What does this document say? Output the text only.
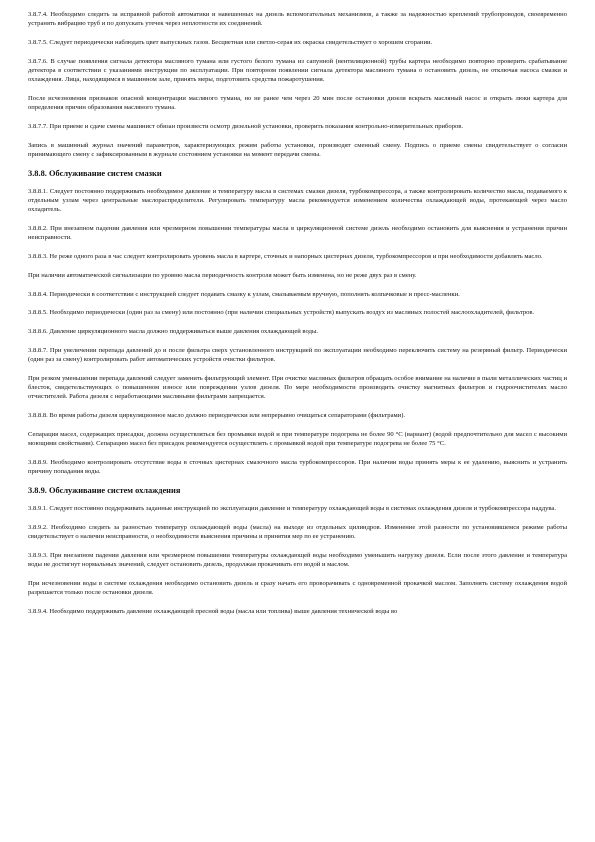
3.8.7.4. Необходимо следить за исправной работой автоматики и навешенных на дизель вспомогательных механизмов, а также за надежностью креплений трубопроводов, своевременно устранять вибрацию труб и по допускать утечек через неплотности их соединений.

3.8.7.5. Следует периодически наблюдать цвет выпускных газов. Бесцветная или светло-серая их окраска свидетельствует о хорошем сгорании.

3.8.7.6. В случае появления сигнала детектора масляного тумана или густого белого тумана из сапунной (вентиляционной) трубы картера необходимо повторно проверить срабатывание детектора в соответствии с указаниями инструкции по эксплуатации. При повторном появлении сигнала детектора масляного тумана о остановить дизель, не отключая насоса смазки и охлаждения. Лица, находящимся в машинном зале, принять меры, подготовить средства пожаротушения.

После исчезновения признаков опасной концентрации масляного тумана, но не ранее чем через 20 мин после остановки дизеля вскрыть масляный насос и открыть люки картера для определения причин образования масляного тумана.

3.8.7.7. При приеме и сдаче смены машинист обязан произвести осмотр дизельной установки, проверить показания контрольно-измерительных приборов.

Запись в машинный журнал значений параметров, характеризующих режим работы установки, производят сменный смену. Подпись о приеме смены свидетельствует о согласии принимающего смену с зафиксированным в журнале состоянием установки на момент передачи смены.

3.8.8. Обслуживание систем смазки

3.8.8.1. Следует постоянно поддерживать необходимое давление и температуру масла в системах смазки дизеля, турбокомпрессора, а также контролировать количество масла, подаваемого к отдельным узлам через центральные маслораспределители. Регулировать температуру масла рекомендуется изменением количества охлаждающей воды, протекающей через масло охладитель.

3.8.8.2. При внезапном падении давления или чрезмерном повышении температуры масла в циркуляционной системе дизель необходимо остановить для выяснения и устранения причин неисправности.

3.8.8.3. Не реже одного раза в час следует контролировать уровень масла в картере, сточных и напорных цистернах дизеля, турбокомпрессоров и при необходимости добавлять масло.

При наличии автоматической сигнализации по уровню масла периодичность контроля может быть изменена, но не реже двух раз в смену.

3.8.8.4. Периодически в соответствии с инструкцией следует подавать смазку к узлам, смазываемым вручную, пополнять колпачковые и пресс-масленки.

3.8.8.5. Необходимо периодически (один раз за смену) или постоянно (при наличии специальных устройств) выпускать воздух из масляных полостей маслоохладителей, фильтров.

3.8.8.6. Давление циркуляционного масла должно поддерживаться выше давления охлаждающей воды.

3.8.8.7. При увеличении перепада давлений до и после фильтра сверх установленного инструкцией по эксплуатации необходимо переключить систему на резервный фильтр. Периодически (один раз за смену) контролировать работ автоматических устройств очистки фильтров.

При резком уменьшении перепада давлений следует заменить фильтрующий элемент. При очистке масляных фильтров обращать особое внимание на наличие в пыли металлических частиц и блесток, свидетельствующих о повышенном износе или повреждении узлов дизеля. По мере необходимости производить очистку магнитных фильтров и гидроочистителях масло отчистителей. Работа дизеля с неработающими масляными фильтрами запрещается.

3.8.8.8. Во время работы дизеля циркуляционное масло должно периодически или непрерывно очищаться сепараторами (фильтрами).

Сепарация масел, содержащих присадки, должна осуществляться без промывки водой и при температуре подогрева не более 90 °C (вариант) (водой предпочтительно для масел с высокими моющими свойствами). Сепарацию масел без присадок рекомендуется осуществлять с промывкой водой при температуре подогрева не более 75 °C.

3.8.8.9. Необходимо контролировать отсутствие воды в сточных цистернах смазочного масла турбокомпрессоров. При наличии воды принять меры к ее удалению, выяснить и устранить причину попадания воды.

3.8.9. Обслуживание систем охлаждения

3.8.9.1. Следует постоянно поддерживать заданные инструкцией по эксплуатации давление и температуру охлаждающей воды в системах охлаждения дизеля и турбокомпрессора наддува.

3.8.9.2. Необходимо следить за разностью температур охлаждающей воды (масла) на выходе из отдельных цилиндров. Изменение этой разности по установившемся режиме работы свидетельствует о наличии неисправности, о необходимости выяснения причины и принятия мер по ее устранению.

3.8.9.3. При внезапном падении давления или чрезмерном повышении температуры охлаждающей воды необходимо уменьшить нагрузку дизеля. Если после этого давление и температура воды не достигнут нормальных значений, следует остановить дизель, продолжая прокачивать его водой и маслом.

При исчезновении воды в системе охлаждения необходимо остановить дизель и сразу начать его проворачивать с одновременной прокачкой маслом. Заполнять систему охлаждения водой разрешается только после остановки дизеля.

3.8.9.4. Необходимо поддерживать давление охлаждающей пресной воды (масла или топлива) выше давления технической воды во
